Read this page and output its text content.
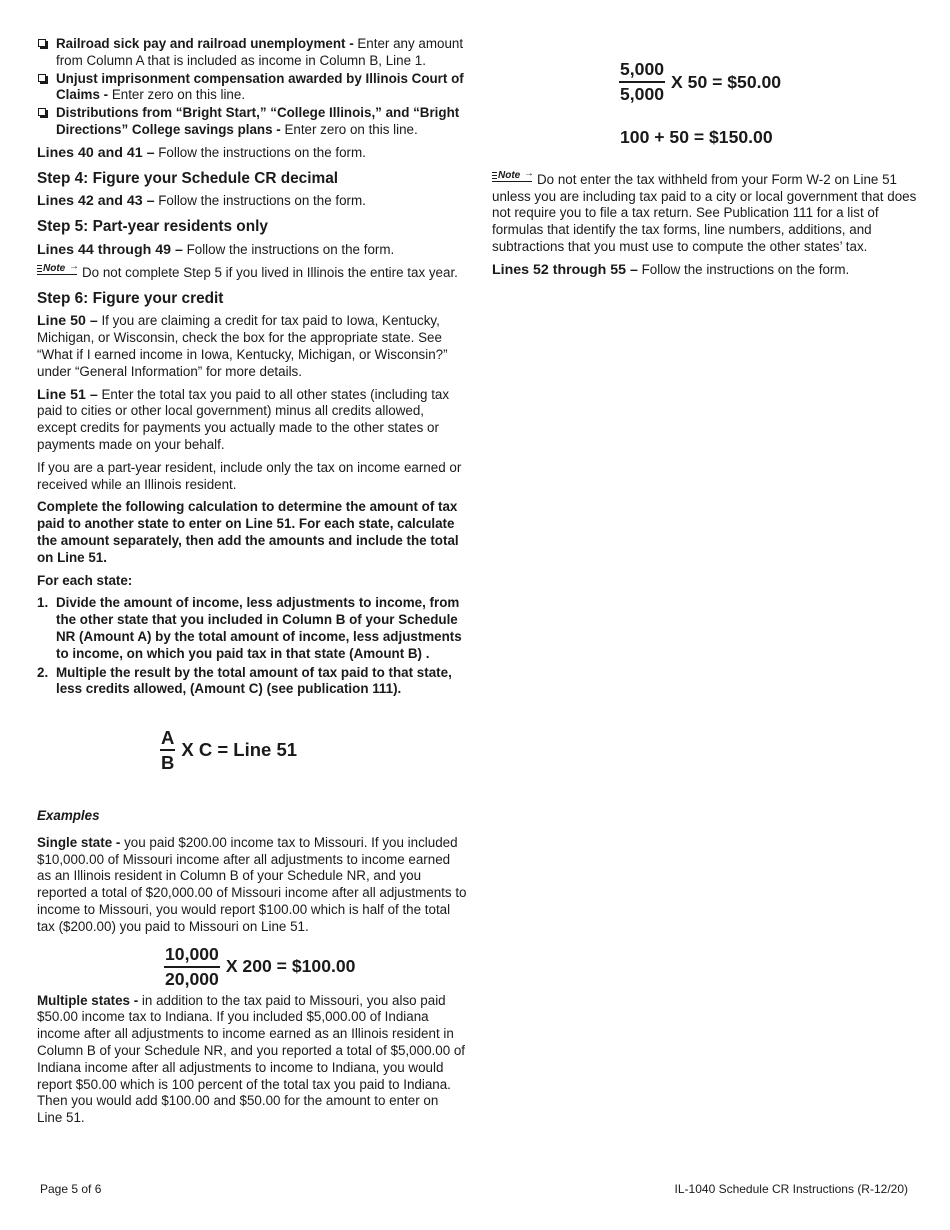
Railroad sick pay and railroad unemployment - Enter any amount from Column A that is included as income in Column B, Line 1.

Unjust imprisonment compensation awarded by Illinois Court of Claims - Enter zero on this line.

Distributions from “Bright Start,” “College Illinois,” and “Bright Directions” College savings plans - Enter zero on this line.

Lines 40 and 41 – Follow the instructions on the form.

Step 4: Figure your Schedule CR decimal

Lines 42 and 43 – Follow the instructions on the form.

Step 5: Part-year residents only

Lines 44 through 49 – Follow the instructions on the form.

Note → Do not complete Step 5 if you lived in Illinois the entire tax year.

Step 6: Figure your credit

Line 50 – If you are claiming a credit for tax paid to Iowa, Kentucky, Michigan, or Wisconsin, check the box for the appropriate state. See “What if I earned income in Iowa, Kentucky, Michigan, or Wisconsin?” under “General Information” for more details.

Line 51 – Enter the total tax you paid to all other states (including tax paid to cities or other local government) minus all credits allowed, except credits for payments you actually made to the other states or payments made on your behalf.

If you are a part-year resident, include only the tax on income earned or received while an Illinois resident.

Complete the following calculation to determine the amount of tax paid to another state to enter on Line 51. For each state, calculate the amount separately, then add the amounts and include the total on Line 51.

For each state:

1. Divide the amount of income, less adjustments to income, from the other state that you included in Column B of your Schedule NR (Amount A) by the total amount of income, less adjustments to income, on which you paid tax in that state (Amount B) .
2. Multiple the result by the total amount of tax paid to that state, less credits allowed, (Amount C) (see publication 111).
$\frac{A}{B}$ X C = Line 51

Examples

Single state - you paid $200.00 income tax to Missouri. If you included $10,000.00 of Missouri income after all adjustments to income earned as an Illinois resident in Column B of your Schedule NR, and you reported a total of $20,000.00 of Missouri income after all adjustments to income to Missouri, you would report $100.00 which is half of the total tax ($200.00) you paid to Missouri on Line 51.

$\frac{10,000}{20,000}$ X 200 = $100.00

Multiple states - in addition to the tax paid to Missouri, you also paid $50.00 income tax to Indiana. If you included $5,000.00 of Indiana income after all adjustments to income earned as an Illinois resident in Column B of your Schedule NR, and you reported a total of $5,000.00 of Indiana income after all adjustments to income to Indiana, you would report $50.00 which is 100 percent of the total tax you paid to Indiana. Then you would add $100.00 and $50.00 for the amount to enter on Line 51.

$\frac{5,000}{5,000}$ X 50 = $50.00
100 + 50 = $150.00

Note → Do not enter the tax withheld from your Form W-2 on Line 51 unless you are including tax paid to a city or local government that does not require you to file a tax return. See Publication 111 for a list of formulas that identify the tax forms, line numbers, additions, and subtractions that you must use to compute the other states’ tax.

Lines 52 through 55 – Follow the instructions on the form.

Page 5 of 6	IL-1040 Schedule CR Instructions (R-12/20)
